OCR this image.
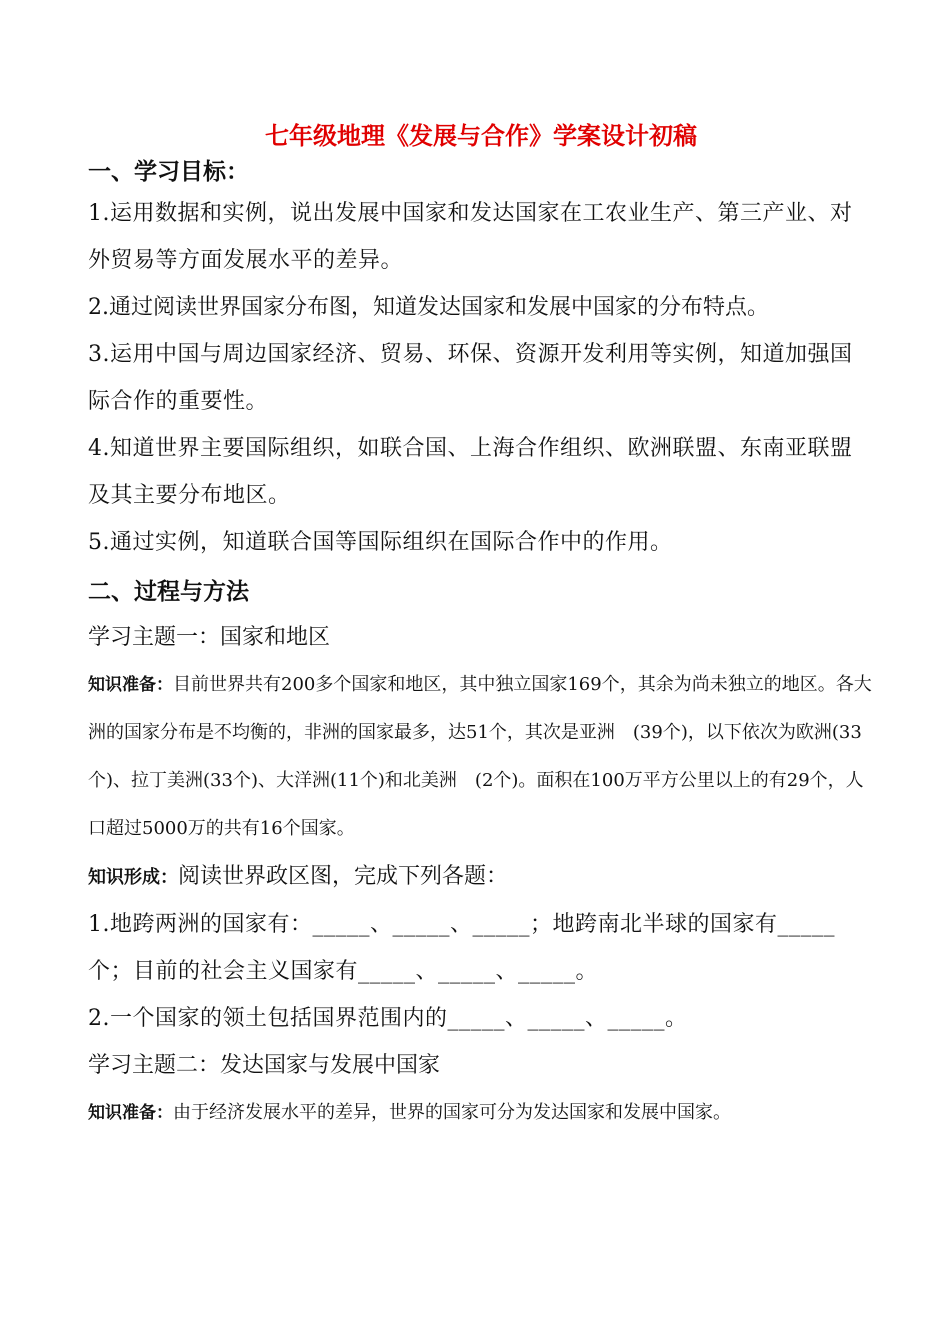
七年级地理《发展与合作》学案设计初稿
一、学习目标：
1.运用数据和实例，说出发展中国家和发达国家在工农业生产、第三产业、对外贸易等方面发展水平的差异。
2.通过阅读世界国家分布图，知道发达国家和发展中国家的分布特点。
3.运用中国与周边国家经济、贸易、环保、资源开发利用等实例，知道加强国际合作的重要性。
4.知道世界主要国际组织，如联合国、上海合作组织、欧洲联盟、东南亚联盟及其主要分布地区。
5.通过实例，知道联合国等国际组织在国际合作中的作用。
二、过程与方法
学习主题一：国家和地区
知识准备：目前世界共有200多个国家和地区，其中独立国家169个，其余为尚未独立的地区。各大洲的国家分布是不均衡的，非洲的国家最多，达51个，其次是亚洲　(39个)，以下依次为欧洲(33个)、拉丁美洲(33个)、大洋洲(11个)和北美洲　(2个)。面积在100万平方公里以上的有29个，人口超过5000万的共有16个国家。
知识形成：阅读世界政区图，完成下列各题：
1.地跨两洲的国家有：_____、_____、_____；地跨南北半球的国家有_____个；目前的社会主义国家有_____、_____、_____。
2.一个国家的领土包括国界范围内的_____、_____、_____。
学习主题二：发达国家与发展中国家
知识准备：由于经济发展水平的差异，世界的国家可分为发达国家和发展中国家。
